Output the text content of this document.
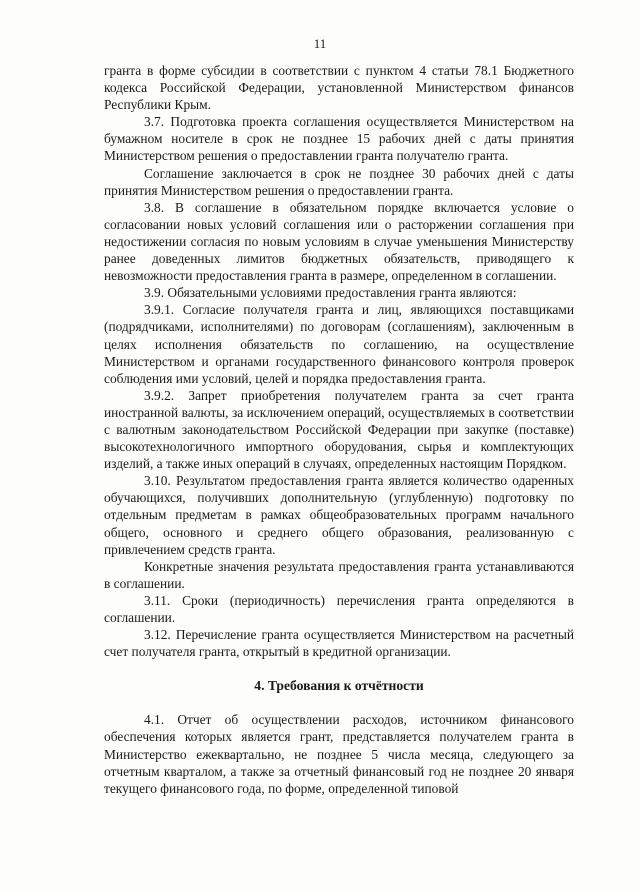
11

гранта в форме субсидии в соответствии с пунктом 4 статьи 78.1 Бюджетного кодекса Российской Федерации, установленной Министерством финансов Республики Крым.

3.7. Подготовка проекта соглашения осуществляется Министерством на бумажном носителе в срок не позднее 15 рабочих дней с даты принятия Министерством решения о предоставлении гранта получателю гранта.

Соглашение заключается в срок не позднее 30 рабочих дней с даты принятия Министерством решения о предоставлении гранта.

3.8. В соглашение в обязательном порядке включается условие о согласовании новых условий соглашения или о расторжении соглашения при недостижении согласия по новым условиям в случае уменьшения Министерству ранее доведенных лимитов бюджетных обязательств, приводящего к невозможности предоставления гранта в размере, определенном в соглашении.

3.9. Обязательными условиями предоставления гранта являются:

3.9.1. Согласие получателя гранта и лиц, являющихся поставщиками (подрядчиками, исполнителями) по договорам (соглашениям), заключенным в целях исполнения обязательств по соглашению, на осуществление Министерством и органами государственного финансового контроля проверок соблюдения ими условий, целей и порядка предоставления гранта.

3.9.2. Запрет приобретения получателем гранта за счет гранта иностранной валюты, за исключением операций, осуществляемых в соответствии с валютным законодательством Российской Федерации при закупке (поставке) высокотехнологичного импортного оборудования, сырья и комплектующих изделий, а также иных операций в случаях, определенных настоящим Порядком.

3.10. Результатом предоставления гранта является количество одаренных обучающихся, получивших дополнительную (углубленную) подготовку по отдельным предметам в рамках общеобразовательных программ начального общего, основного и среднего общего образования, реализованную с привлечением средств гранта.

Конкретные значения результата предоставления гранта устанавливаются в соглашении.

3.11. Сроки (периодичность) перечисления гранта определяются в соглашении.

3.12. Перечисление гранта осуществляется Министерством на расчетный счет получателя гранта, открытый в кредитной организации.

4. Требования к отчётности

4.1. Отчет об осуществлении расходов, источником финансового обеспечения которых является грант, представляется получателем гранта в Министерство ежеквартально, не позднее 5 числа месяца, следующего за отчетным кварталом, а также за отчетный финансовый год не позднее 20 января текущего финансового года, по форме, определенной типовой
